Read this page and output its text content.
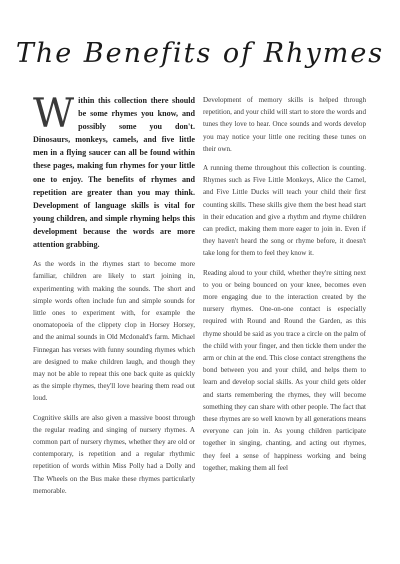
The Benefits of Rhymes

Within this collection there should be some rhymes you know, and possibly some you don't. Dinosaurs, monkeys, camels, and five little men in a flying saucer can all be found within these pages, making fun rhymes for your little one to enjoy. The benefits of rhymes and repetition are greater than you may think. Development of language skills is vital for young children, and simple rhyming helps this development because the words are more attention grabbing.

As the words in the rhymes start to become more familiar, children are likely to start joining in, experimenting with making the sounds. The short and simple words often include fun and simple sounds for little ones to experiment with, for example the onomatopoeia of the clippety clop in Horsey Horsey, and the animal sounds in Old Mcdonald's farm. Michael Finnegan has verses with funny sounding rhymes which are designed to make children laugh, and though they may not be able to repeat this one back quite as quickly as the simple rhymes, they'll love hearing them read out loud.

Cognitive skills are also given a massive boost through the regular reading and singing of nursery rhymes. A common part of nursery rhymes, whether they are old or contemporary, is repetition and a regular rhythmic repetition of words within Miss Polly had a Dolly and The Wheels on the Bus make these rhymes particularly memorable.

Development of memory skills is helped through repetition, and your child will start to store the words and tunes they love to hear. Once sounds and words develop you may notice your little one reciting these tunes on their own.

A running theme throughout this collection is counting. Rhymes such as Five Little Monkeys, Alice the Camel, and Five Little Ducks will teach your child their first counting skills. These skills give them the best head start in their education and give a rhythm and rhyme children can predict, making them more eager to join in. Even if they haven't heard the song or rhyme before, it doesn't take long for them to feel they know it.

Reading aloud to your child, whether they're sitting next to you or being bounced on your knee, becomes even more engaging due to the interaction created by the nursery rhymes. One-on-one contact is especially required with Round and Round the Garden, as this rhyme should be said as you trace a circle on the palm of the child with your finger, and then tickle them under the arm or chin at the end. This close contact strengthens the bond between you and your child, and helps them to learn and develop social skills. As your child gets older and starts remembering the rhymes, they will become something they can share with other people. The fact that these rhymes are so well known by all generations means everyone can join in. As young children participate together in singing, chanting, and acting out rhymes, they feel a sense of happiness working and being together, making them all feel
